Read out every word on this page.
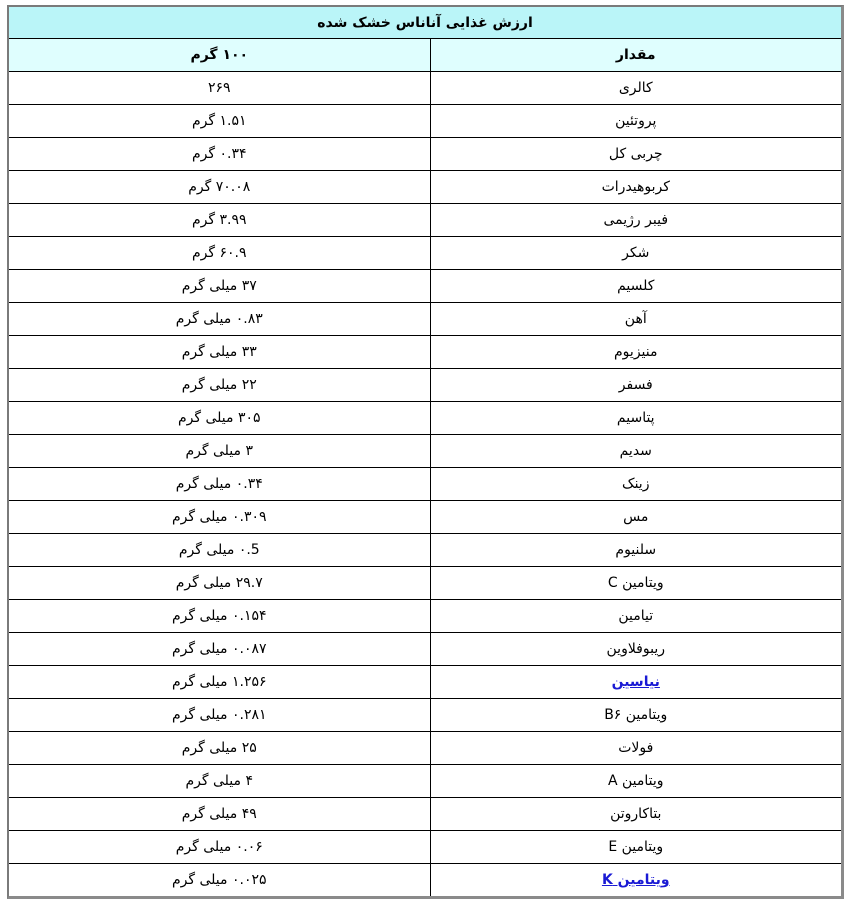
ارزش غذایی آناناس خشک شده	
مقدار	۱۰۰ گرم
کالری	۲۶۹
پروتئین	۱.۵۱ گرم
چربی کل	۰.۳۴ گرم
کربوهیدرات	۷۰.۰۸ گرم
فیبر رژیمی	۳.۹۹ گرم
شکر	۶۰.۹ گرم
کلسیم	۳۷ میلی گرم
آهن	۰.۸۳ میلی گرم
منیزیوم	۳۳ میلی گرم
فسفر	۲۲ میلی گرم
پتاسیم	۳۰۵ میلی گرم
سدیم	۳ میلی گرم
زینک	۰.۳۴ میلی گرم
مس	۰.۳۰۹ میلی گرم
سلنیوم	۰.5 میلی گرم
ویتامین C	۲۹.۷ میلی گرم
تیامین	۰.۱۵۴ میلی گرم
ریبوفلاوین	۰.۰۸۷ میلی گرم
نیاسین	۱.۲۵۶ میلی گرم
ویتامین B۶	۰.۲۸۱ میلی گرم
فولات	۲۵ میلی گرم
ویتامین A	۴ میلی گرم
بتاکاروتن	۴۹ میلی گرم
ویتامین E	۰.۰۶ میلی گرم
ویتامین K	۰.۰۲۵ میلی گرم
